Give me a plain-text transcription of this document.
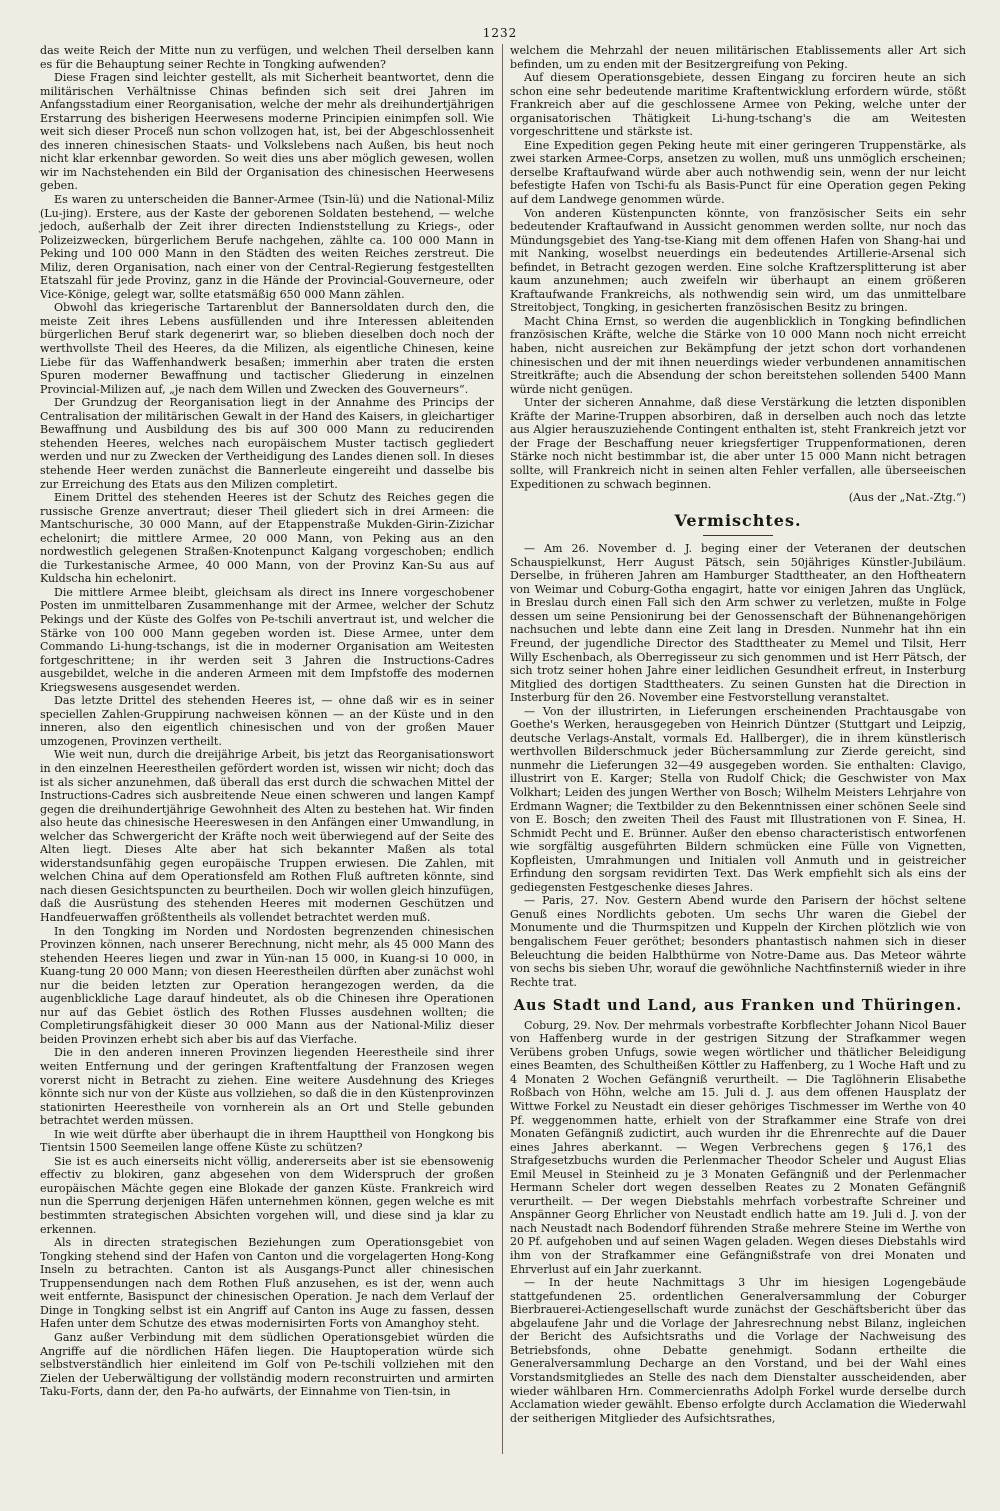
1232

das weite Reich der Mitte nun zu verfügen, und welchen Theil derselben kann es für die Behauptung seiner Rechte in Tongking aufwenden?

Diese Fragen sind leichter gestellt, als mit Sicherheit beantwortet, denn die militärischen Verhältnisse Chinas befinden sich seit drei Jahren im Anfangsstadium einer Reorganisation, welche der mehr als dreihundertjährigen Erstarrung des bisherigen Heerwesens moderne Principien einimpfen soll. Wie weit sich dieser Proceß nun schon vollzogen hat, ist, bei der Abgeschlossenheit des inneren chinesischen Staats- und Volkslebens nach Außen, bis heut noch nicht klar erkennbar geworden. So weit dies uns aber möglich gewesen, wollen wir im Nachstehenden ein Bild der Organisation des chinesischen Heerwesens geben.

Es waren zu unterscheiden die Banner-Armee (Tsin-lü) und die National-Miliz (Lu-jing). Erstere, aus der Kaste der geborenen Soldaten bestehend, — welche jedoch, außerhalb der Zeit ihrer directen Indienststellung zu Kriegs-, oder Polizeizwecken, bürgerlichem Berufe nachgehen, zählte ca. 100 000 Mann in Peking und 100 000 Mann in den Städten des weiten Reiches zerstreut. Die Miliz, deren Organisation, nach einer von der Central-Regierung festgestellten Etatszahl für jede Provinz, ganz in die Hände der Provincial-Gouverneure, oder Vice-Könige, gelegt war, sollte etatsmäßig 650 000 Mann zählen.

Obwohl das kriegerische Tartarenblut der Bannersoldaten durch den, die meiste Zeit ihres Lebens ausfüllenden und ihre Interessen ableitenden bürgerlichen Beruf stark degenerirt war, so blieben dieselben doch noch der werthvollste Theil des Heeres, da die Milizen, als eigentliche Chinesen, keine Liebe für das Waffenhandwerk besaßen; immerhin aber traten die ersten Spuren moderner Bewaffnung und tactischer Gliederung in einzelnen Provincial-Milizen auf, „je nach dem Willen und Zwecken des Gouverneurs“.

Der Grundzug der Reorganisation liegt in der Annahme des Princips der Centralisation der militärischen Gewalt in der Hand des Kaisers, in gleichartiger Bewaffnung und Ausbildung des bis auf 300 000 Mann zu reducirenden stehenden Heeres, welches nach europäischem Muster tactisch gegliedert werden und nur zu Zwecken der Vertheidigung des Landes dienen soll. In dieses stehende Heer werden zunächst die Bannerleute eingereiht und dasselbe bis zur Erreichung des Etats aus den Milizen completirt.

Einem Drittel des stehenden Heeres ist der Schutz des Reiches gegen die russische Grenze anvertraut; dieser Theil gliedert sich in drei Armeen: die Mantschurische, 30 000 Mann, auf der Etappenstraße Mukden-Girin-Zizichar echelonirt; die mittlere Armee, 20 000 Mann, von Peking aus an den nordwestlich gelegenen Straßen-Knotenpunct Kalgang vorgeschoben; endlich die Turkestanische Armee, 40 000 Mann, von der Provinz Kan-Su aus auf Kuldscha hin echelonirt.

Die mittlere Armee bleibt, gleichsam als direct ins Innere vorgeschobener Posten im unmittelbaren Zusammenhange mit der Armee, welcher der Schutz Pekings und der Küste des Golfes von Pe-tschili anvertraut ist, und welcher die Stärke von 100 000 Mann gegeben worden ist. Diese Armee, unter dem Commando Li-hung-tschangs, ist die in moderner Organisation am Weitesten fortgeschrittene; in ihr werden seit 3 Jahren die Instructions-Cadres ausgebildet, welche in die anderen Armeen mit dem Impfstoffe des modernen Kriegswesens ausgesendet werden.

Das letzte Drittel des stehenden Heeres ist, — ohne daß wir es in seiner speciellen Zahlen-Gruppirung nachweisen können — an der Küste und in den inneren, also den eigentlich chinesischen und von der großen Mauer umzogenen, Provinzen vertheilt.

Wie weit nun, durch die dreijährige Arbeit, bis jetzt das Reorganisationswort in den einzelnen Heerestheilen gefördert worden ist, wissen wir nicht; doch das ist als sicher anzunehmen, daß überall das erst durch die schwachen Mittel der Instructions-Cadres sich ausbreitende Neue einen schweren und langen Kampf gegen die dreihundertjährige Gewohnheit des Alten zu bestehen hat. Wir finden also heute das chinesische Heereswesen in den Anfängen einer Umwandlung, in welcher das Schwergericht der Kräfte noch weit überwiegend auf der Seite des Alten liegt. Dieses Alte aber hat sich bekannter Maßen als total widerstandsunfähig gegen europäische Truppen erwiesen. Die Zahlen, mit welchen China auf dem Operationsfeld am Rothen Fluß auftreten könnte, sind nach diesen Gesichtspuncten zu beurtheilen. Doch wir wollen gleich hinzufügen, daß die Ausrüstung des stehenden Heeres mit modernen Geschützen und Handfeuerwaffen größtentheils als vollendet betrachtet werden muß.

In den Tongking im Norden und Nordosten begrenzenden chinesischen Provinzen können, nach unserer Berechnung, nicht mehr, als 45 000 Mann des stehenden Heeres liegen und zwar in Yün-nan 15 000, in Kuang-si 10 000, in Kuang-tung 20 000 Mann; von diesen Heerestheilen dürften aber zunächst wohl nur die beiden letzten zur Operation herangezogen werden, da die augenblickliche Lage darauf hindeutet, als ob die Chinesen ihre Operationen nur auf das Gebiet östlich des Rothen Flusses ausdehnen wollten; die Completirungsfähigkeit dieser 30 000 Mann aus der National-Miliz dieser beiden Provinzen erhebt sich aber bis auf das Vierfache.

Die in den anderen inneren Provinzen liegenden Heerestheile sind ihrer weiten Entfernung und der geringen Kraftentfaltung der Franzosen wegen vorerst nicht in Betracht zu ziehen. Eine weitere Ausdehnung des Krieges könnte sich nur von der Küste aus vollziehen, so daß die in den Küstenprovinzen stationirten Heerestheile von vornherein als an Ort und Stelle gebunden betrachtet werden müssen.

In wie weit dürfte aber überhaupt die in ihrem Haupttheil von Hongkong bis Tientsin 1500 Seemeilen lange offene Küste zu schützen?

Sie ist es auch einerseits nicht völlig, andererseits aber ist sie ebensowenig effectiv zu blokiren, ganz abgesehen von dem Widerspruch der großen europäischen Mächte gegen eine Blokade der ganzen Küste. Frankreich wird nun die Sperrung derjenigen Häfen unternehmen können, gegen welche es mit bestimmten strategischen Absichten vorgehen will, und diese sind ja klar zu erkennen.

Als in directen strategischen Beziehungen zum Operationsgebiet von Tongking stehend sind der Hafen von Canton und die vorgelagerten Hong-Kong Inseln zu betrachten. Canton ist als Ausgangs-Punct aller chinesischen Truppensendungen nach dem Rothen Fluß anzusehen, es ist der, wenn auch weit entfernte, Basispunct der chinesischen Operation. Je nach dem Verlauf der Dinge in Tongking selbst ist ein Angriff auf Canton ins Auge zu fassen, dessen Hafen unter dem Schutze des etwas modernisirten Forts von Amanghoy steht.

Ganz außer Verbindung mit dem südlichen Operationsgebiet würden die Angriffe auf die nördlichen Häfen liegen. Die Hauptoperation würde sich selbstverständlich hier einleitend im Golf von Pe-tschili vollziehen mit den Zielen der Ueberwältigung der vollständig modern reconstruirten und armirten Taku-Forts, dann der, den Pa-ho aufwärts, der Einnahme von Tien-tsin, in

welchem die Mehrzahl der neuen militärischen Etablissements aller Art sich befinden, um zu enden mit der Besitzergreifung von Peking.

Auf diesem Operationsgebiete, dessen Eingang zu forciren heute an sich schon eine sehr bedeutende maritime Kraftentwicklung erfordern würde, stößt Frankreich aber auf die geschlossene Armee von Peking, welche unter der organisatorischen Thätigkeit Li-hung-tschang's die am Weitesten vorgeschrittene und stärkste ist.

Eine Expedition gegen Peking heute mit einer geringeren Truppenstärke, als zwei starken Armee-Corps, ansetzen zu wollen, muß uns unmöglich erscheinen; derselbe Kraftaufwand würde aber auch nothwendig sein, wenn der nur leicht befestigte Hafen von Tschi-fu als Basis-Punct für eine Operation gegen Peking auf dem Landwege genommen würde.

Von anderen Küstenpuncten könnte, von französischer Seits ein sehr bedeutender Kraftaufwand in Aussicht genommen werden sollte, nur noch das Mündungsgebiet des Yang-tse-Kiang mit dem offenen Hafen von Shang-hai und mit Nanking, woselbst neuerdings ein bedeutendes Artillerie-Arsenal sich befindet, in Betracht gezogen werden. Eine solche Kraftzersplitterung ist aber kaum anzunehmen; auch zweifeln wir überhaupt an einem größeren Kraftaufwande Frankreichs, als nothwendig sein wird, um das unmittelbare Streitobject, Tongking, in gesicherten französischen Besitz zu bringen.

Macht China Ernst, so werden die augenblicklich in Tongking befindlichen französischen Kräfte, welche die Stärke von 10 000 Mann noch nicht erreicht haben, nicht ausreichen zur Bekämpfung der jetzt schon dort vorhandenen chinesischen und der mit ihnen neuerdings wieder verbundenen annamitischen Streitkräfte; auch die Absendung der schon bereitstehen sollenden 5400 Mann würde nicht genügen.

Unter der sicheren Annahme, daß diese Verstärkung die letzten disponiblen Kräfte der Marine-Truppen absorbiren, daß in derselben auch noch das letzte aus Algier herauszuziehende Contingent enthalten ist, steht Frankreich jetzt vor der Frage der Beschaffung neuer kriegsfertiger Truppenformationen, deren Stärke noch nicht bestimmbar ist, die aber unter 15 000 Mann nicht betragen sollte, will Frankreich nicht in seinen alten Fehler verfallen, alle überseeischen Expeditionen zu schwach beginnen.

(Aus der „Nat.-Ztg.“)

Vermischtes.

— Am 26. November d. J. beging einer der Veteranen der deutschen Schauspielkunst, Herr August Pätsch, sein 50jähriges Künstler-Jubiläum. Derselbe, in früheren Jahren am Hamburger Stadttheater, an den Hoftheatern von Weimar und Coburg-Gotha engagirt, hatte vor einigen Jahren das Unglück, in Breslau durch einen Fall sich den Arm schwer zu verletzen, mußte in Folge dessen um seine Pensionirung bei der Genossenschaft der Bühnenangehörigen nachsuchen und lebte dann eine Zeit lang in Dresden. Nunmehr hat ihn ein Freund, der jugendliche Director des Stadttheater zu Memel und Tilsit, Herr Willy Eschenbach, als Oberregisseur zu sich genommen und ist Herr Pätsch, der sich trotz seiner hohen Jahre einer leidlichen Gesundheit erfreut, in Insterburg Mitglied des dortigen Stadttheaters. Zu seinen Gunsten hat die Direction in Insterburg für den 26. November eine Festvorstellung veranstaltet.

— Von der illustrirten, in Lieferungen erscheinenden Prachtausgabe von Goethe's Werken, herausgegeben von Heinrich Düntzer (Stuttgart und Leipzig, deutsche Verlags-Anstalt, vormals Ed. Hallberger), die in ihrem künstlerisch werthvollen Bilderschmuck jeder Büchersammlung zur Zierde gereicht, sind nunmehr die Lieferungen 32—49 ausgegeben worden. Sie enthalten: Clavigo, illustrirt von E. Karger; Stella von Rudolf Chick; die Geschwister von Max Volkhart; Leiden des jungen Werther von Bosch; Wilhelm Meisters Lehrjahre von Erdmann Wagner; die Textbilder zu den Bekenntnissen einer schönen Seele sind von E. Bosch; den zweiten Theil des Faust mit Illustrationen von F. Sinea, H. Schmidt Pecht und E. Brünner. Außer den ebenso characteristisch entworfenen wie sorgfältig ausgeführten Bildern schmücken eine Fülle von Vignetten, Kopfleisten, Umrahmungen und Initialen voll Anmuth und in geistreicher Erfindung den sorgsam revidirten Text. Das Werk empfiehlt sich als eins der gediegensten Festgeschenke dieses Jahres.

— Paris, 27. Nov. Gestern Abend wurde den Parisern der höchst seltene Genuß eines Nordlichts geboten. Um sechs Uhr waren die Giebel der Monumente und die Thurmspitzen und Kuppeln der Kirchen plötzlich wie von bengalischem Feuer geröthet; besonders phantastisch nahmen sich in dieser Beleuchtung die beiden Halbthürme von Notre-Dame aus. Das Meteor währte von sechs bis sieben Uhr, worauf die gewöhnliche Nachtfinsterniß wieder in ihre Rechte trat.

Aus Stadt und Land, aus Franken und Thüringen.

Coburg, 29. Nov. Der mehrmals vorbestrafte Korbflechter Johann Nicol Bauer von Haffenberg wurde in der gestrigen Sitzung der Strafkammer wegen Verübens groben Unfugs, sowie wegen wörtlicher und thätlicher Beleidigung eines Beamten, des Schultheißen Köttler zu Haffenberg, zu 1 Woche Haft und zu 4 Monaten 2 Wochen Gefängniß verurtheilt. — Die Taglöhnerin Elisabethe Roßbach von Höhn, welche am 15. Juli d. J. aus dem offenen Hausplatz der Wittwe Forkel zu Neustadt ein dieser gehöriges Tischmesser im Werthe von 40 Pf. weggenommen hatte, erhielt von der Strafkammer eine Strafe von drei Monaten Gefängniß zudictirt, auch wurden ihr die Ehrenrechte auf die Dauer eines Jahres aberkannt. — Wegen Verbrechens gegen § 176,1 des Strafgesetzbuchs wurden die Perlenmacher Theodor Scheler und August Elias Emil Meusel in Steinheid zu je 3 Monaten Gefängniß und der Perlenmacher Hermann Scheler dort wegen desselben Reates zu 2 Monaten Gefängniß verurtheilt. — Der wegen Diebstahls mehrfach vorbestrafte Schreiner und Anspänner Georg Ehrlicher von Neustadt endlich hatte am 19. Juli d. J. von der nach Neustadt nach Bodendorf führenden Straße mehrere Steine im Werthe von 20 Pf. aufgehoben und auf seinen Wagen geladen. Wegen dieses Diebstahls wird ihm von der Strafkammer eine Gefängnißstrafe von drei Monaten und Ehrverlust auf ein Jahr zuerkannt.

— In der heute Nachmittags 3 Uhr im hiesigen Logengebäude stattgefundenen 25. ordentlichen Generalversammlung der Coburger Bierbrauerei-Actiengesellschaft wurde zunächst der Geschäftsbericht über das abgelaufene Jahr und die Vorlage der Jahresrechnung nebst Bilanz, ingleichen der Bericht des Aufsichtsraths und die Vorlage der Nachweisung des Betriebsfonds, ohne Debatte genehmigt. Sodann ertheilte die Generalversammlung Decharge an den Vorstand, und bei der Wahl eines Vorstandsmitgliedes an Stelle des nach dem Dienstalter ausscheidenden, aber wieder wählbaren Hrn. Commercienraths Adolph Forkel wurde derselbe durch Acclamation wieder gewählt. Ebenso erfolgte durch Acclamation die Wiederwahl der seitherigen Mitglieder des Aufsichtsrathes,
